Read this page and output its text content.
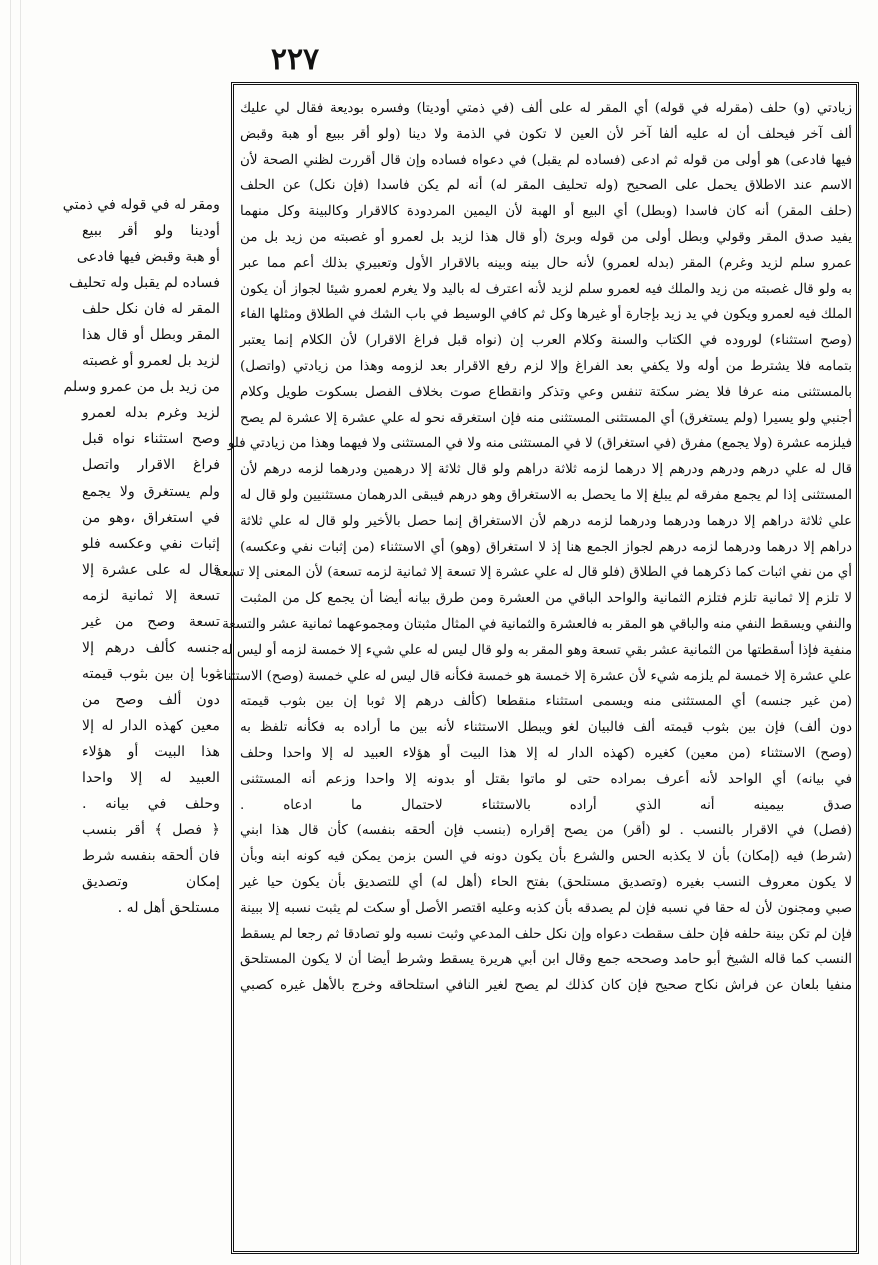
٢٢٧
زيادتي (و) حلف (مقرله في قوله) أي المقر له على ألف (في ذمتي أوديتا) وفسره بوديعة فقال لي عليك
ألف آخر فيحلف أن له عليه ألفا آخر لأن العين لا تكون في الذمة ولا دينا (ولو أقر ببيع أو هبة وقبض
فيها فادعى) هو أولى من قوله ثم ادعى (فساده لم يقبل) في دعواه فساده وإن قال أقررت لظني الصحة لأن
الاسم عند الاطلاق يحمل على الصحيح (وله تحليف المقر له) أنه لم يكن فاسدا (فإن نكل) عن الحلف
(حلف المقر) أنه كان فاسدا (وبطل) أي البيع أو الهبة لأن اليمين المردودة كالاقرار وكالبينة وكل منهما
يفيد صدق المقر وقولي وبطل أولى من قوله وبرئ (أو قال هذا لزيد بل لعمرو أو غصبته من زيد بل من
عمرو سلم لزيد وغرم) المقر (بدله لعمرو) لأنه حال بينه وبينه بالاقرار الأول وتعبيري بذلك أعم مما عبر
به ولو قال غصبته من زيد والملك فيه لعمرو سلم لزيد لأنه اعترف له باليد ولا يغرم لعمرو شيئا لجواز أن يكون
الملك فيه لعمرو ويكون في يد زيد بإجارة أو غيرها وكل ثم كافي الوسيط في باب الشك في الطلاق ومثلها الفاء
(وصح استثناء) لوروده في الكتاب والسنة وكلام العرب إن (نواه قبل فراغ الاقرار) لأن الكلام إنما يعتبر
بتمامه فلا يشترط من أوله ولا يكفي بعد الفراغ وإلا لزم رفع الاقرار بعد لزومه وهذا من زيادتي (واتصل)
بالمستثنى منه عرفا فلا يضر سكتة تنفس وعي وتذكر وانقطاع صوت بخلاف الفصل بسكوت طويل وكلام
أجنبي ولو يسيرا (ولم يستغرق) أي المستثنى المستثنى منه فإن استغرقه نحو له علي عشرة إلا عشرة لم يصح
فيلزمه عشرة (ولا يجمع) مفرق (في استغراق) لا في المستثنى منه ولا في المستثنى ولا فيهما وهذا من زيادتي فلو
قال له علي درهم ودرهم ودرهم إلا درهما لزمه ثلاثة دراهم ولو قال ثلاثة إلا درهمين ودرهما لزمه درهم لأن
المستثنى إذا لم يجمع مفرقه لم يبلغ إلا ما يحصل به الاستغراق وهو درهم فيبقى الدرهمان مستثنيين ولو قال له
علي ثلاثة دراهم إلا درهما ودرهما ودرهما لزمه درهم لأن الاستغراق إنما حصل بالأخير ولو قال له علي ثلاثة
دراهم إلا درهما ودرهما لزمه درهم لجواز الجمع هنا إذ لا استغراق (وهو) أي الاستثناء (من إثبات نفي وعكسه)
أي من نفي اثبات كما ذكرهما في الطلاق (فلو قال له علي عشرة إلا تسعة إلا ثمانية لزمه تسعة) لأن المعنى إلا تسعة
لا تلزم إلا ثمانية تلزم فتلزم الثمانية والواحد الباقي من العشرة ومن طرق بيانه أيضا أن يجمع كل من المثبت
والنفي ويسقط النفي منه والباقي هو المقر به فالعشرة والثمانية في المثال مثبتان ومجموعهما ثمانية عشر والتسعة
منفية فإذا أسقطتها من الثمانية عشر بقي تسعة وهو المقر به ولو قال ليس له علي شيء إلا خمسة لزمه أو ليس له
علي عشرة إلا خمسة لم يلزمه شيء لأن عشرة إلا خمسة هو خمسة فكأنه قال ليس له علي خمسة (وصح) الاستثناء
(من غير جنسه) أي المستثنى منه ويسمى استثناء منقطعا (كألف درهم إلا ثوبا إن بين بثوب قيمته
دون ألف) فإن بين بثوب قيمته ألف فالبيان لغو ويبطل الاستثناء لأنه بين ما أراده به فكأنه تلفظ به
(وصح) الاستثناء (من معين) كغيره (كهذه الدار له إلا هذا البيت أو هؤلاء العبيد له إلا واحدا وحلف
في بيانه) أي الواحد لأنه أعرف بمراده حتى لو ماتوا بقتل أو بدونه إلا واحدا وزعم أنه المستثنى
صدق بيمينه أنه الذي أراده بالاستثناء لاحتمال ما ادعاه .
(فصل) في الاقرار بالنسب . لو (أقر) من يصح إقراره (بنسب فإن ألحقه بنفسه) كأن قال هذا ابني
(شرط) فيه (إمكان) بأن لا يكذبه الحس والشرع بأن يكون دونه في السن بزمن يمكن فيه كونه ابنه وبأن
لا يكون معروف النسب بغيره (وتصديق مستلحق) بفتح الحاء (أهل له) أي للتصديق بأن يكون حيا غير
صبي ومجنون لأن له حقا في نسبه فإن لم يصدقه بأن كذبه وعليه اقتصر الأصل أو سكت لم يثبت نسبه إلا ببينة
فإن لم تكن بينة حلفه فإن حلف سقطت دعواه وإن نكل حلف المدعي وثبت نسبه ولو تصادقا ثم رجعا لم يسقط
النسب كما قاله الشيخ أبو حامد وصححه جمع وقال ابن أبي هريرة يسقط وشرط أيضا أن لا يكون المستلحق
منفيا بلعان عن فراش نكاح صحيح فإن كان كذلك لم يصح لغير النافي استلحاقه وخرج بالأهل غيره كصبي
ومقر له في قوله في ذمتي
أودينا ولو أقر ببيع
أو هبة وقبض فيها فادعى
فساده لم يقبل وله تحليف
المقر له فان نكل حلف
المقر وبطل أو قال هذا
لزيد بل لعمرو أو غصبته
من زيد بل من عمرو وسلم
لزيد وغرم بدله لعمرو
وصح استثناء نواه قبل
فراغ الاقرار واتصل
ولم يستغرق ولا يجمع
في استغراق ،وهو من
إثبات نفي وعكسه فلو
قال له على عشرة إلا
تسعة إلا ثمانية لزمه
تسعة وصح من غير
جنسه كألف درهم إلا
ثوبا إن بين بثوب قيمته
دون ألف وصح من
معين كهذه الدار له إلا
هذا البيت أو هؤلاء
العبيد له إلا واحدا
وحلف في بيانه .
﴿ فصل ﴾ أقر بنسب
فان ألحقه بنفسه شرط
إمكان وتصديق
مستلحق أهل له .
